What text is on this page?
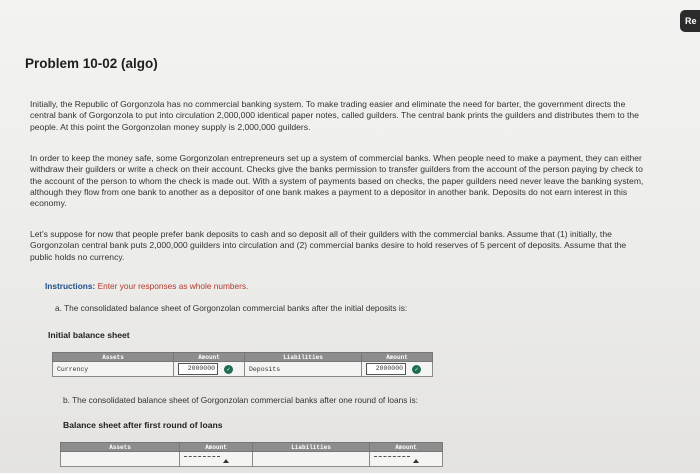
Re
Problem 10-02 (algo)

Initially, the Republic of Gorgonzola has no commercial banking system. To make trading easier and eliminate the need for barter, the government directs the central bank of Gorgonzola to put into circulation 2,000,000 identical paper notes, called guilders. The central bank prints the guilders and distributes them to the people. At this point the Gorgonzolan money supply is 2,000,000 guilders.

In order to keep the money safe, some Gorgonzolan entrepreneurs set up a system of commercial banks. When people need to make a payment, they can either withdraw their guilders or write a check on their account. Checks give the banks permission to transfer guilders from the account of the person paying by check to the account of the person to whom the check is made out. With a system of payments based on checks, the paper guilders need never leave the banking system, although they flow from one bank to another as a depositor of one bank makes a payment to a depositor in another bank. Deposits do not earn interest in this economy.

Let's suppose for now that people prefer bank deposits to cash and so deposit all of their guilders with the commercial banks. Assume that (1) initially, the Gorgonzolan central bank puts 2,000,000 guilders into circulation and (2) commercial banks desire to hold reserves of 5 percent of deposits. Assume that the public holds no currency.

Instructions: Enter your responses as whole numbers.
a. The consolidated balance sheet of Gorgonzolan commercial banks after the initial deposits is:
Initial balance sheet
Assets	Amount	Liabilities	Amount
Currency	2000000 ✓	Deposits	2000000 ✓
b. The consolidated balance sheet of Gorgonzolan commercial banks after one round of loans is:
Balance sheet after first round of loans
Assets	Amount	Liabilities	Amount
